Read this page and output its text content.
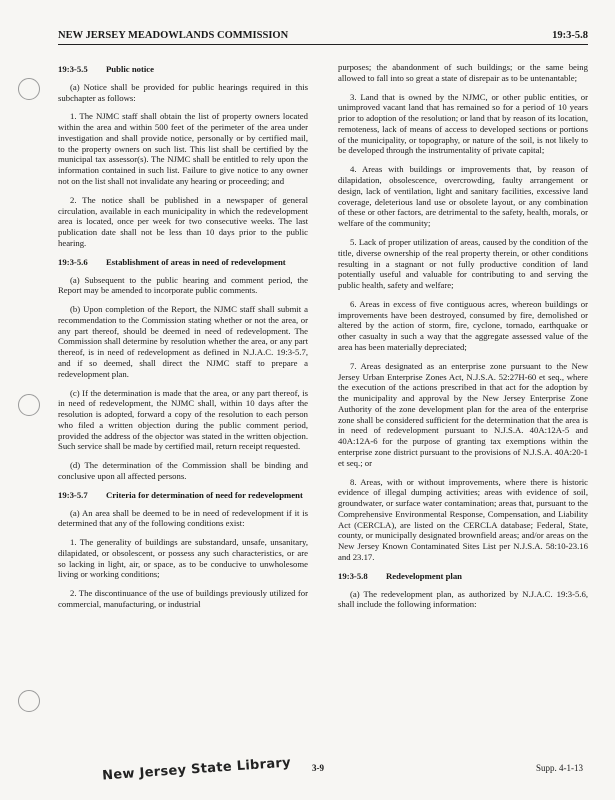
NEW JERSEY MEADOWLANDS COMMISSION	19:3-5.8
19:3-5.5	Public notice

(a) Notice shall be provided for public hearings required in this subchapter as follows:

1. The NJMC staff shall obtain the list of property owners located within the area and within 500 feet of the perimeter of the area under investigation and shall provide notice, personally or by certified mail, to the property owners on such list. This list shall be certified by the municipal tax assessor(s). The NJMC shall be entitled to rely upon the information contained in such list. Failure to give notice to any owner not on the list shall not invalidate any hearing or proceeding; and

2. The notice shall be published in a newspaper of general circulation, available in each municipality in which the redevelopment area is located, once per week for two consecutive weeks. The last publication date shall not be less than 10 days prior to the public hearing.

19:3-5.6	Establishment of areas in need of redevelopment

(a) Subsequent to the public hearing and comment period, the Report may be amended to incorporate public comments.

(b) Upon completion of the Report, the NJMC staff shall submit a recommendation to the Commission stating whether or not the area, or any part thereof, should be deemed in need of redevelopment. The Commission shall determine by resolution whether the area, or any part thereof, is in need of redevelopment as defined in N.J.A.C. 19:3-5.7, and if so deemed, shall direct the NJMC staff to prepare a redevelopment plan.

(c) If the determination is made that the area, or any part thereof, is in need of redevelopment, the NJMC shall, within 10 days after the resolution is adopted, forward a copy of the resolution to each person who filed a written objection during the public comment period, provided the address of the objector was stated in the written objection. Such service shall be made by certified mail, return receipt requested.

(d) The determination of the Commission shall be binding and conclusive upon all affected persons.

19:3-5.7	Criteria for determination of need for redevelopment

(a) An area shall be deemed to be in need of redevelopment if it is determined that any of the following conditions exist:

1. The generality of buildings are substandard, unsafe, unsanitary, dilapidated, or obsolescent, or possess any such characteristics, or are so lacking in light, air, or space, as to be conducive to unwholesome living or working conditions;

2. The discontinuance of the use of buildings previously utilized for commercial, manufacturing, or industrial

purposes; the abandonment of such buildings; or the same being allowed to fall into so great a state of disrepair as to be untenantable;

3. Land that is owned by the NJMC, or other public entities, or unimproved vacant land that has remained so for a period of 10 years prior to adoption of the resolution; or land that by reason of its location, remoteness, lack of means of access to developed sections or portions of the municipality, or topography, or nature of the soil, is not likely to be developed through the instrumentality of private capital;

4. Areas with buildings or improvements that, by reason of dilapidation, obsolescence, overcrowding, faulty arrangement or design, lack of ventilation, light and sanitary facilities, excessive land coverage, deleterious land use or obsolete layout, or any combination of these or other factors, are detrimental to the safety, health, morals, or welfare of the community;

5. Lack of proper utilization of areas, caused by the condition of the title, diverse ownership of the real property therein, or other conditions resulting in a stagnant or not fully productive condition of land potentially useful and valuable for contributing to and serving the public health, safety and welfare;

6. Areas in excess of five contiguous acres, whereon buildings or improvements have been destroyed, consumed by fire, demolished or altered by the action of storm, fire, cyclone, tornado, earthquake or other casualty in such a way that the aggregate assessed value of the area has been materially depreciated;

7. Areas designated as an enterprise zone pursuant to the New Jersey Urban Enterprise Zones Act, N.J.S.A. 52:27H-60 et seq., where the execution of the actions prescribed in that act for the adoption by the municipality and approval by the New Jersey Enterprise Zone Authority of the zone development plan for the area of the enterprise zone shall be considered sufficient for the determination that the area is in need of redevelopment pursuant to N.J.S.A. 40A:12A-5 and 40A:12A-6 for the purpose of granting tax exemptions within the enterprise zone district pursuant to the provisions of N.J.S.A. 40A:20-1 et seq.; or

8. Areas, with or without improvements, where there is historic evidence of illegal dumping activities; areas with evidence of soil, groundwater, or surface water contamination; areas that, pursuant to the Comprehensive Environmental Response, Compensation, and Liability Act (CERCLA), are listed on the CERCLA database; Federal, State, county, or municipally designated brownfield areas; and/or areas on the New Jersey Known Contaminated Sites List per N.J.S.A. 58:10-23.16 and 23.17.

19:3-5.8	Redevelopment plan

(a) The redevelopment plan, as authorized by N.J.A.C. 19:3-5.6, shall include the following information:

New Jersey State Library 3-9	Supp. 4-1-13
